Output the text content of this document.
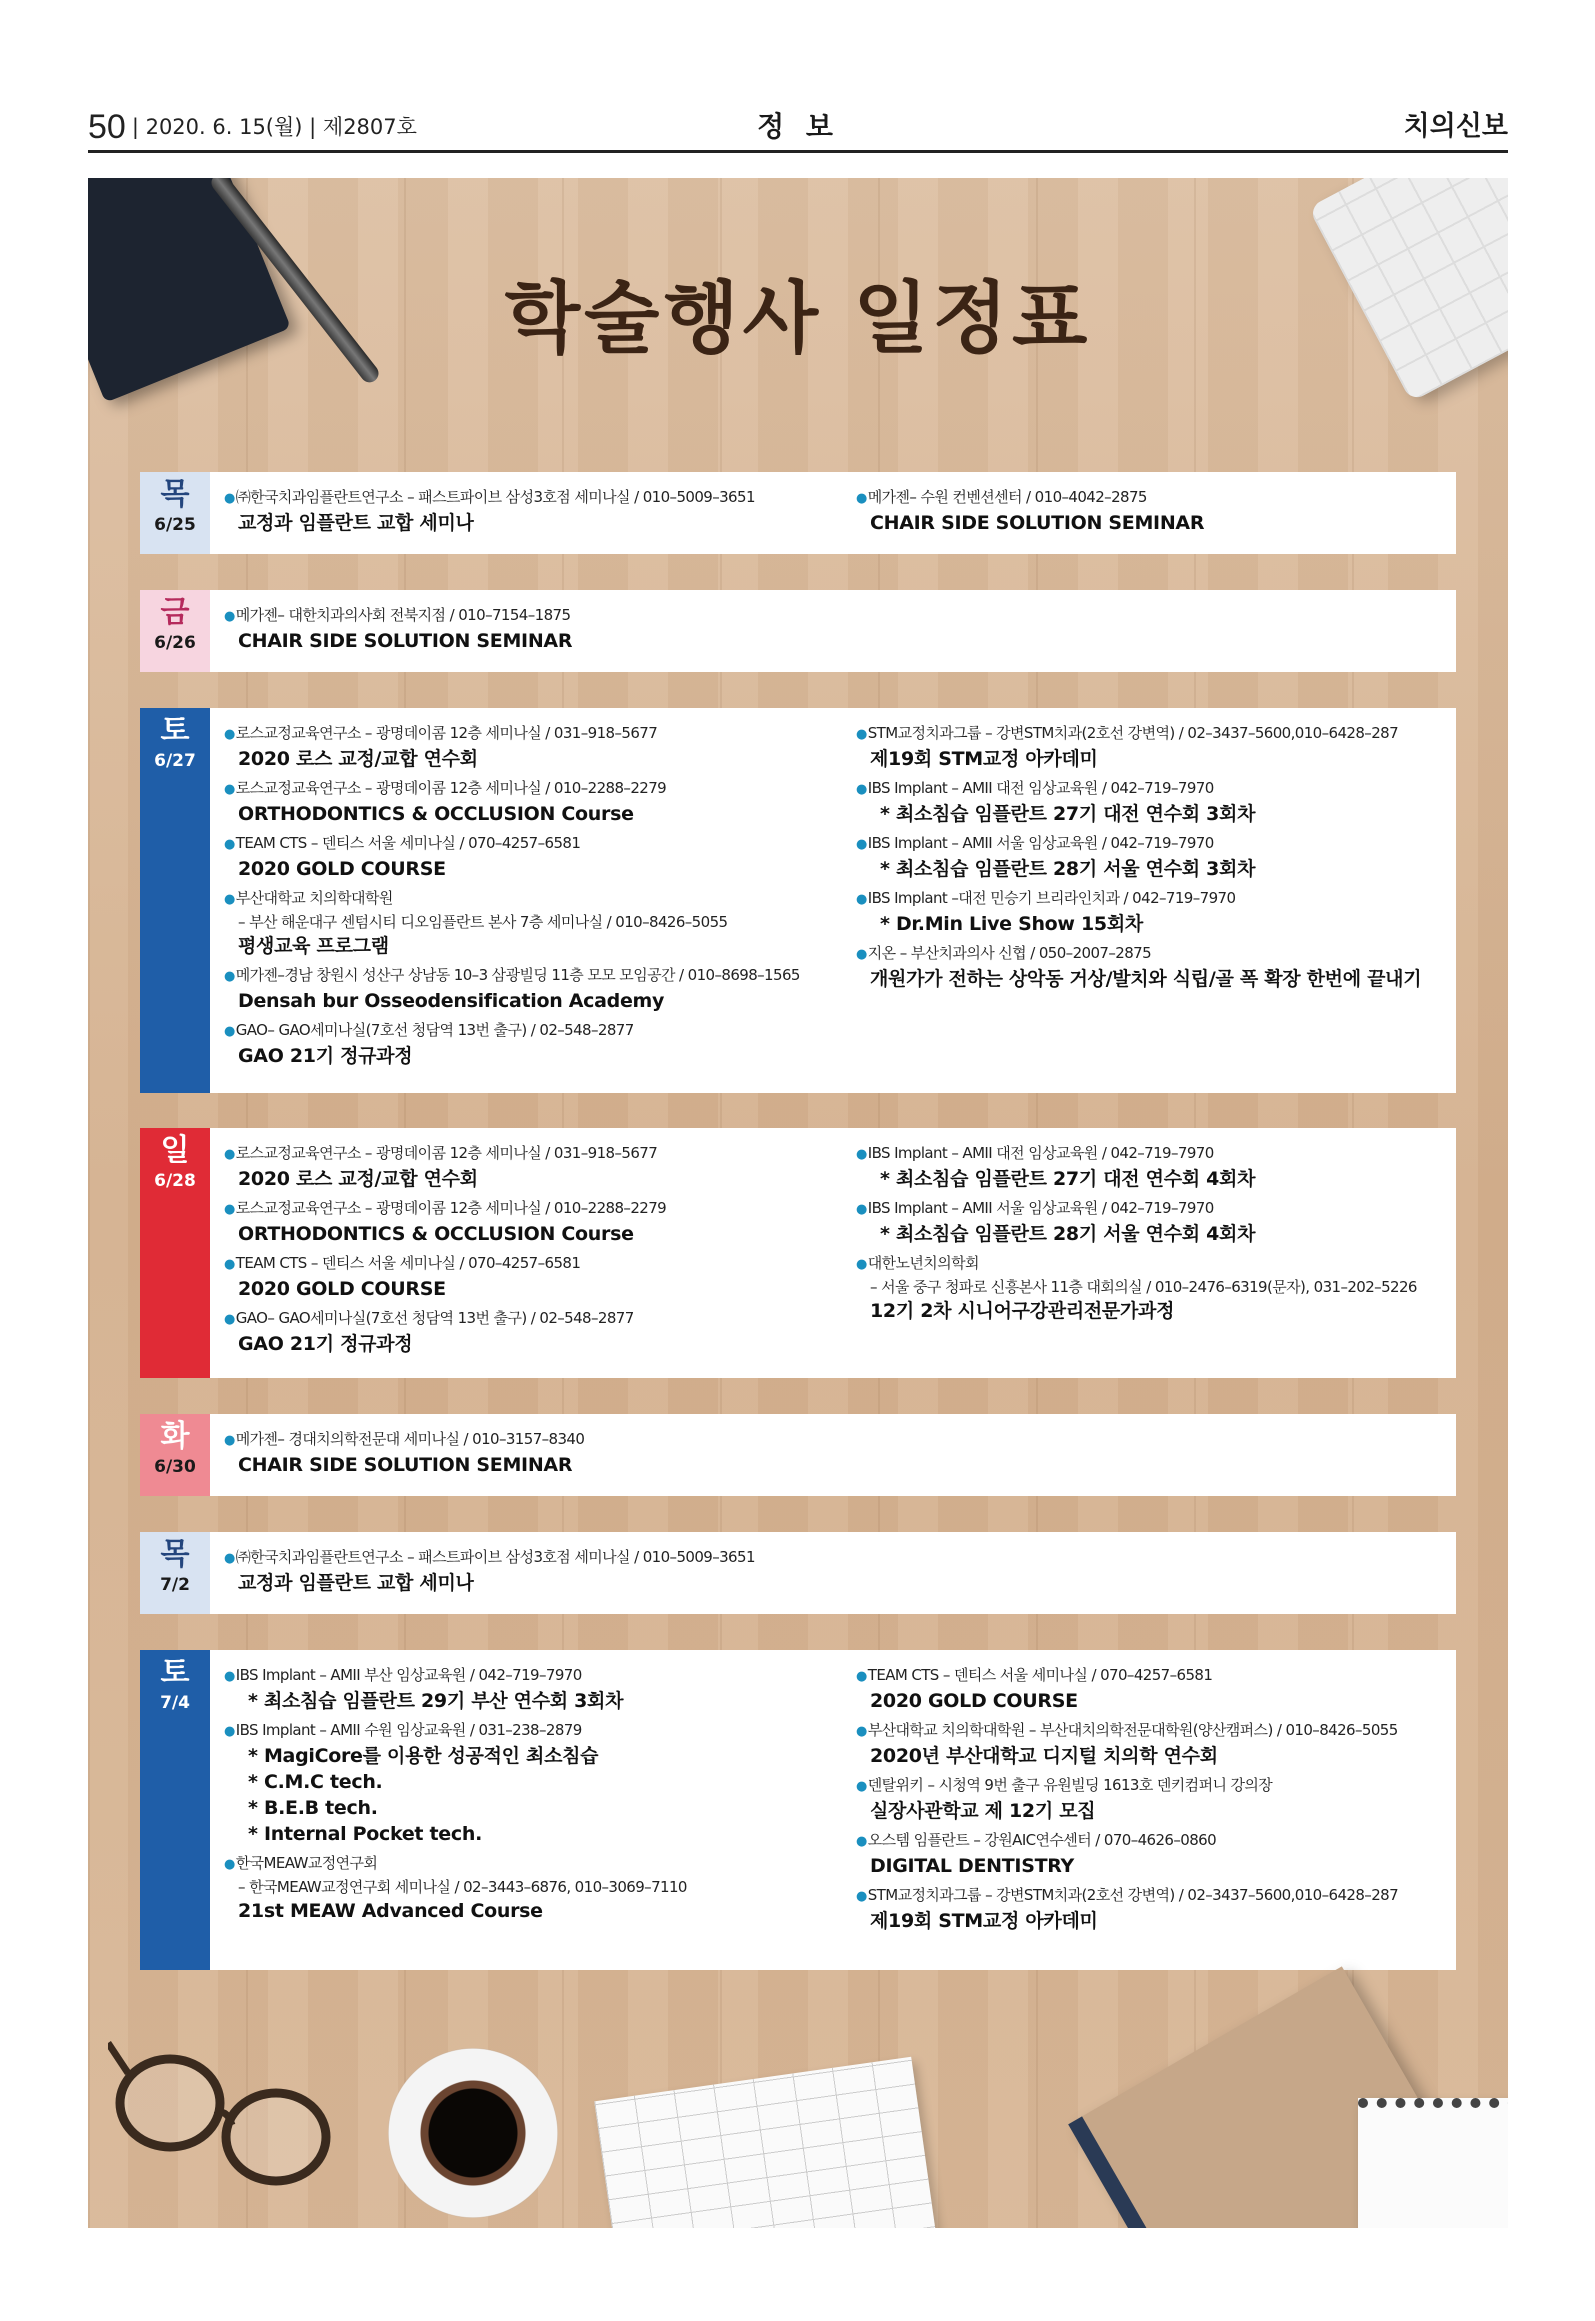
50 | 2020. 6. 15(월) | 제2807호	정 보	치의신보
학술행사 일정표
목
6/25
● ㈜한국치과임플란트연구소 – 패스트파이브 삼성3호점 세미나실 / 010–5009–3651
교정과 임플란트 교합 세미나
● 메가젠– 수원 컨벤션센터 / 010–4042–2875
CHAIR SIDE SOLUTION SEMINAR
금
6/26
● 메가젠– 대한치과의사회 전북지점 / 010–7154–1875
CHAIR SIDE SOLUTION SEMINAR
토
6/27
● 로스교정교육연구소 – 광명데이콤 12층 세미나실 / 031–918–5677
2020 로스 교정/교합 연수회
● 로스교정교육연구소 – 광명데이콤 12층 세미나실 / 010–2288–2279
ORTHODONTICS & OCCLUSION Course
● TEAM CTS – 덴티스 서울 세미나실 / 070–4257–6581
2020 GOLD COURSE
● 부산대학교 치의학대학원
– 부산 해운대구 센텀시티 디오임플란트 본사 7층 세미나실 / 010–8426–5055
평생교육 프로그램
● 메가젠–경남 창원시 성산구 상남동 10–3 삼광빌딩 11층 모모 모임공간 / 010–8698–1565
Densah bur Osseodensification Academy
● GAO– GAO세미나실(7호선 청담역 13번 출구) / 02–548–2877
GAO 21기 정규과정
● STM교정치과그룹 – 강변STM치과(2호선 강변역) / 02–3437–5600,010–6428–287
제19회 STM교정 아카데미
● IBS Implant – AMII 대전 임상교육원 / 042–719–7970
* 최소침습 임플란트 27기 대전 연수회 3회차
● IBS Implant – AMII 서울 임상교육원 / 042–719–7970
* 최소침습 임플란트 28기 서울 연수회 3회차
● IBS Implant –대전 민승기 브리라인치과 / 042–719–7970
* Dr.Min Live Show 15회차
● 지온 – 부산치과의사 신협 / 050–2007–2875
개원가가 전하는 상악동 거상/발치와 식립/골 폭 확장 한번에 끝내기
일
6/28
● 로스교정교육연구소 – 광명데이콤 12층 세미나실 / 031–918–5677
2020 로스 교정/교합 연수회
● 로스교정교육연구소 – 광명데이콤 12층 세미나실 / 010–2288–2279
ORTHODONTICS & OCCLUSION Course
● TEAM CTS – 덴티스 서울 세미나실 / 070–4257–6581
2020 GOLD COURSE
● GAO– GAO세미나실(7호선 청담역 13번 출구) / 02–548–2877
GAO 21기 정규과정
● IBS Implant – AMII 대전 임상교육원 / 042–719–7970
* 최소침습 임플란트 27기 대전 연수회 4회차
● IBS Implant – AMII 서울 임상교육원 / 042–719–7970
* 최소침습 임플란트 28기 서울 연수회 4회차
● 대한노년치의학회
– 서울 중구 청파로 신흥본사 11층 대회의실 / 010–2476–6319(문자), 031–202–5226
12기 2차 시니어구강관리전문가과정
화
6/30
● 메가젠– 경대치의학전문대 세미나실 / 010–3157–8340
CHAIR SIDE SOLUTION SEMINAR
목
7/2
● ㈜한국치과임플란트연구소 – 패스트파이브 삼성3호점 세미나실 / 010–5009–3651
교정과 임플란트 교합 세미나
토
7/4
● IBS Implant – AMII 부산 임상교육원 / 042–719–7970
* 최소침습 임플란트 29기 부산 연수회 3회차
● IBS Implant – AMII 수원 임상교육원 / 031–238–2879
* MagiCore를 이용한 성공적인 최소침습
* C.M.C tech.
* B.E.B tech.
* Internal Pocket tech.
● 한국MEAW교정연구회
– 한국MEAW교정연구회 세미나실 / 02–3443–6876, 010–3069–7110
21st MEAW Advanced Course
● TEAM CTS – 덴티스 서울 세미나실 / 070–4257–6581
2020 GOLD COURSE
● 부산대학교 치의학대학원 – 부산대치의학전문대학원(양산캠퍼스) / 010–8426–5055
2020년 부산대학교 디지털 치의학 연수회
● 덴탈위키 – 시청역 9번 출구 유원빌딩 1613호 덴키컴퍼니 강의장
실장사관학교 제 12기 모집
● 오스템 임플란트 – 강원AIC연수센터 / 070–4626–0860
DIGITAL DENTISTRY
● STM교정치과그룹 – 강변STM치과(2호선 강변역) / 02–3437–5600,010–6428–287
제19회 STM교정 아카데미
